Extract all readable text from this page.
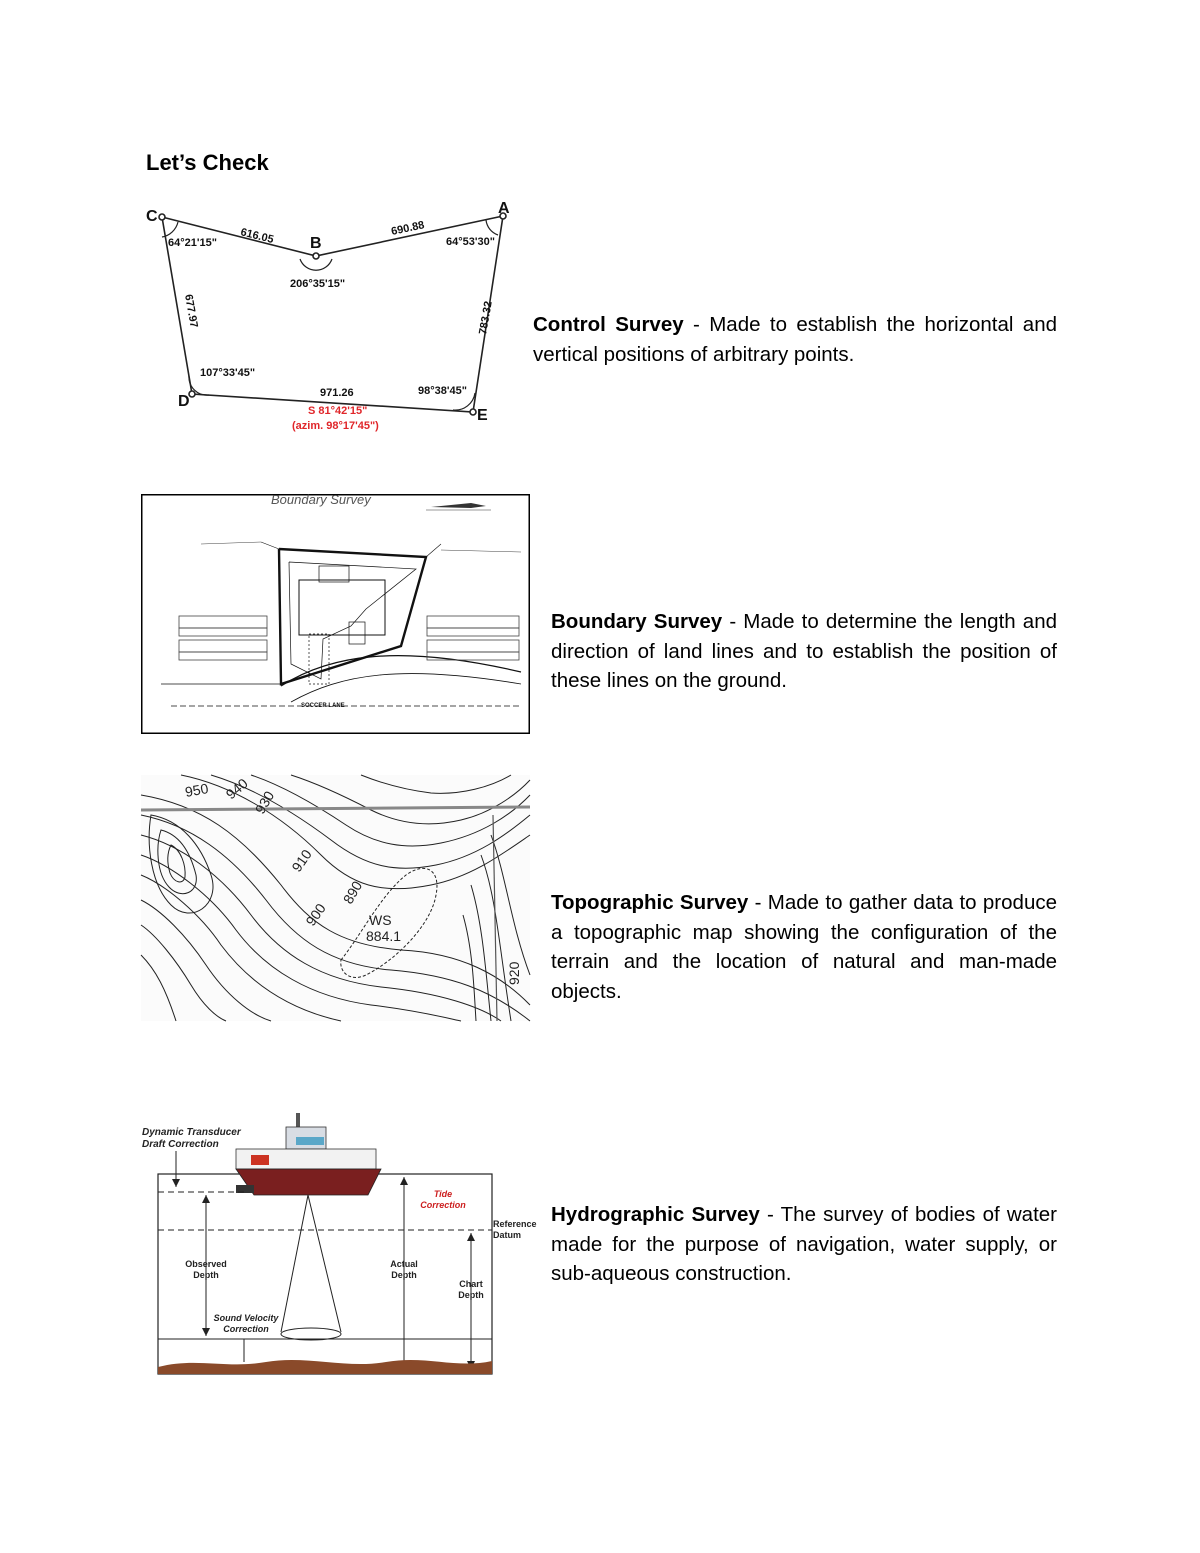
Let’s Check
C
B
A
D
E
616.05	690.88
783.32
677.97
971.26
64°21'15"	64°53'30"
206°35'15"
107°33'45"
98°38'45"
S 81°42'15"
(azim. 98°17'45")
Control Survey - Made to establish the horizontal and vertical positions of arbitrary points.
Boundary Survey
SOCCER LANE
Boundary Survey - Made to determine the length and direction of land lines and to establish the position of these lines on the ground.
950 940 930
910
900
890
920
WS
884.1
Topographic Survey - Made to gather data to produce a topographic map showing the configuration of the terrain and the location of natural and man-made objects.
Dynamic Transducer
Draft Correction
Observed
Depth
Actual
Depth
Chart
Depth
Tide
Correction
Sound Velocity
Correction
Reference
Datum
Hydrographic Survey - The survey of bodies of water made for the purpose of navigation, water supply, or sub-aqueous construction.
